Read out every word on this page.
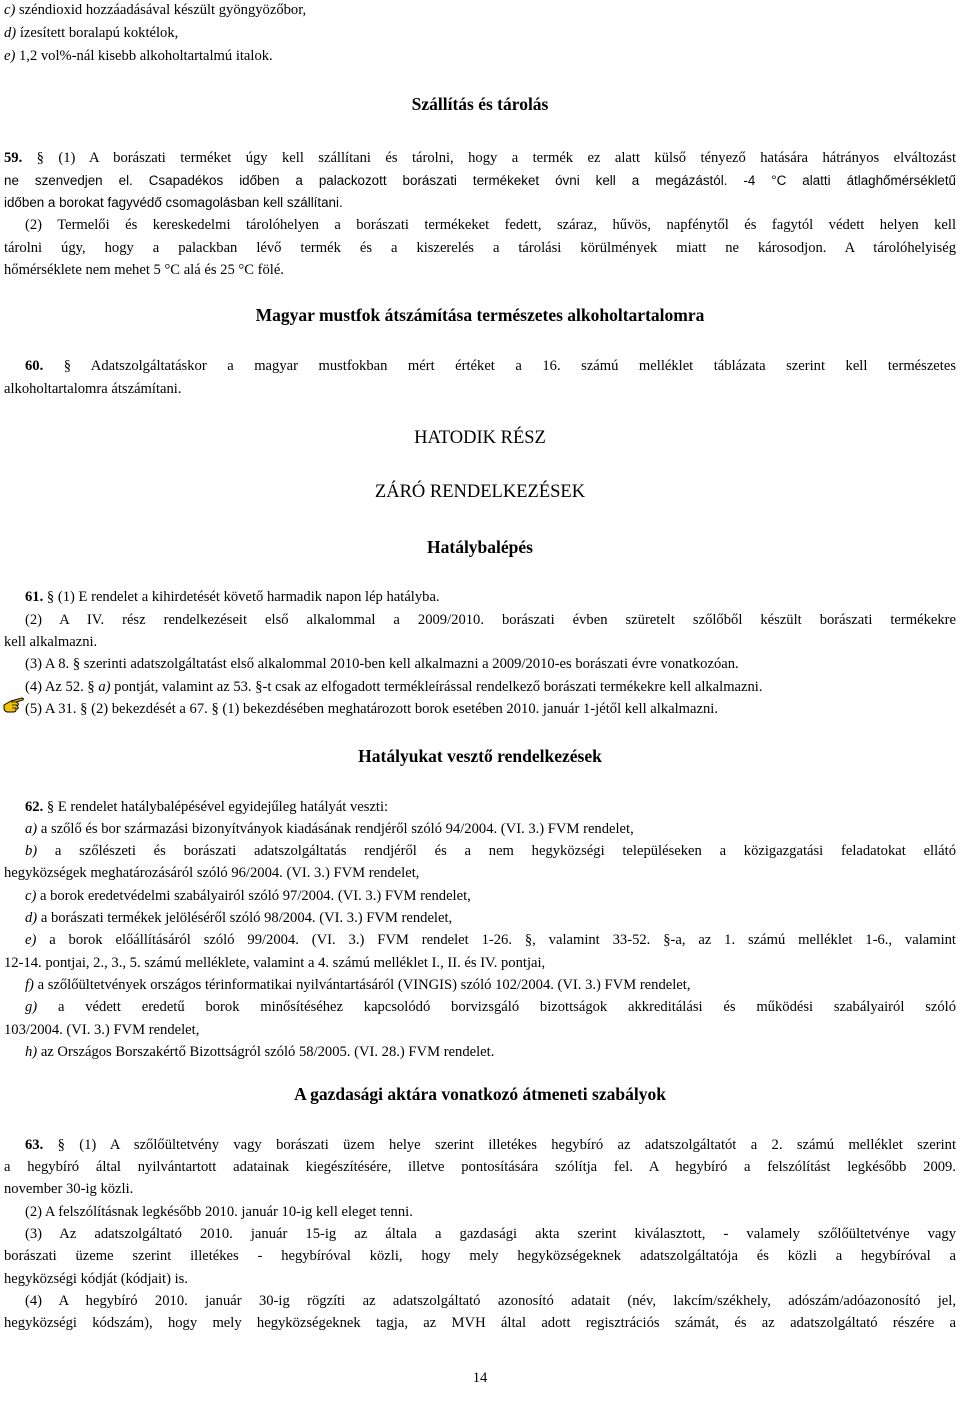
c) széndioxid hozzáadásával készült gyöngyözőbor,
d) ízesített boralapú koktélok,
e) 1,2 vol%-nál kisebb alkoholtartalmú italok.
Szállítás és tárolás
59. § (1) A borászati terméket úgy kell szállítani és tárolni, hogy a termék ez alatt külső tényező hatására hátrányos elváltozást
ne szenvedjen el. Csapadékos időben a palackozott borászati termékeket óvni kell a megázástól. -4 °C alatti átlaghőmérsékletű
időben a borokat fagyvédő csomagolásban kell szállítani.
(2) Termelői és kereskedelmi tárolóhelyen a borászati termékeket fedett, száraz, hűvös, napfénytől és fagytól védett helyen kell
tárolni úgy, hogy a palackban lévő termék és a kiszerelés a tárolási körülmények miatt ne károsodjon. A tárolóhelyiség
hőmérséklete nem mehet 5 °C alá és 25 °C fölé.
Magyar mustfok átszámítása természetes alkoholtartalomra
60. § Adatszolgáltatáskor a magyar mustfokban mért értéket a 16. számú melléklet táblázata szerint kell természetes
alkoholtartalomra átszámítani.
HATODIK RÉSZ
ZÁRÓ RENDELKEZÉSEK
Hatálybalépés
61. § (1) E rendelet a kihirdetését követő harmadik napon lép hatályba.
(2) A IV. rész rendelkezéseit első alkalommal a 2009/2010. borászati évben szüretelt szőlőből készült borászati termékekre
kell alkalmazni.
(3) A 8. § szerinti adatszolgáltatást első alkalommal 2010-ben kell alkalmazni a 2009/2010-es borászati évre vonatkozóan.
(4) Az 52. § a) pontját, valamint az 53. §-t csak az elfogadott termékleírással rendelkező borászati termékekre kell alkalmazni.
(5) A 31. § (2) bekezdését a 67. § (1) bekezdésében meghatározott borok esetében 2010. január 1-jétől kell alkalmazni.
Hatályukat vesztő rendelkezések
62. § E rendelet hatálybalépésével egyidejűleg hatályát veszti:
a) a szőlő és bor származási bizonyítványok kiadásának rendjéről szóló 94/2004. (VI. 3.) FVM rendelet,
b) a szőlészeti és borászati adatszolgáltatás rendjéről és a nem hegyközségi településeken a közigazgatási feladatokat ellátó
hegyközségek meghatározásáról szóló 96/2004. (VI. 3.) FVM rendelet,
c) a borok eredetvédelmi szabályairól szóló 97/2004. (VI. 3.) FVM rendelet,
d) a borászati termékek jelöléséről szóló 98/2004. (VI. 3.) FVM rendelet,
e) a borok előállításáról szóló 99/2004. (VI. 3.) FVM rendelet 1-26. §, valamint 33-52. §-a, az 1. számú melléklet 1-6., valamint
12-14. pontjai, 2., 3., 5. számú melléklete, valamint a 4. számú melléklet I., II. és IV. pontjai,
f) a szőlőültetvények országos térinformatikai nyilvántartásáról (VINGIS) szóló 102/2004. (VI. 3.) FVM rendelet,
g) a védett eredetű borok minősítéséhez kapcsolódó borvizsgáló bizottságok akkreditálási és működési szabályairól szóló
103/2004. (VI. 3.) FVM rendelet,
h) az Országos Borszakértő Bizottságról szóló 58/2005. (VI. 28.) FVM rendelet.
A gazdasági aktára vonatkozó átmeneti szabályok
63. § (1) A szőlőültetvény vagy borászati üzem helye szerint illetékes hegybíró az adatszolgáltatót a 2. számú melléklet szerint
a hegybíró által nyilvántartott adatainak kiegészítésére, illetve pontosítására szólítja fel. A hegybíró a felszólítást legkésőbb 2009.
november 30-ig közli.
(2) A felszólításnak legkésőbb 2010. január 10-ig kell eleget tenni.
(3) Az adatszolgáltató 2010. január 15-ig az általa a gazdasági akta szerint kiválasztott, - valamely szőlőültetvénye vagy
borászati üzeme szerint illetékes - hegybíróval közli, hogy mely hegyközségeknek adatszolgáltatója és közli a hegybíróval a
hegyközségi kódját (kódjait) is.
(4) A hegybíró 2010. január 30-ig rögzíti az adatszolgáltató azonosító adatait (név, lakcím/székhely, adószám/adóazonosító jel,
hegyközségi kódszám), hogy mely hegyközségeknek tagja, az MVH által adott regisztrációs számát, és az adatszolgáltató részére a
14
